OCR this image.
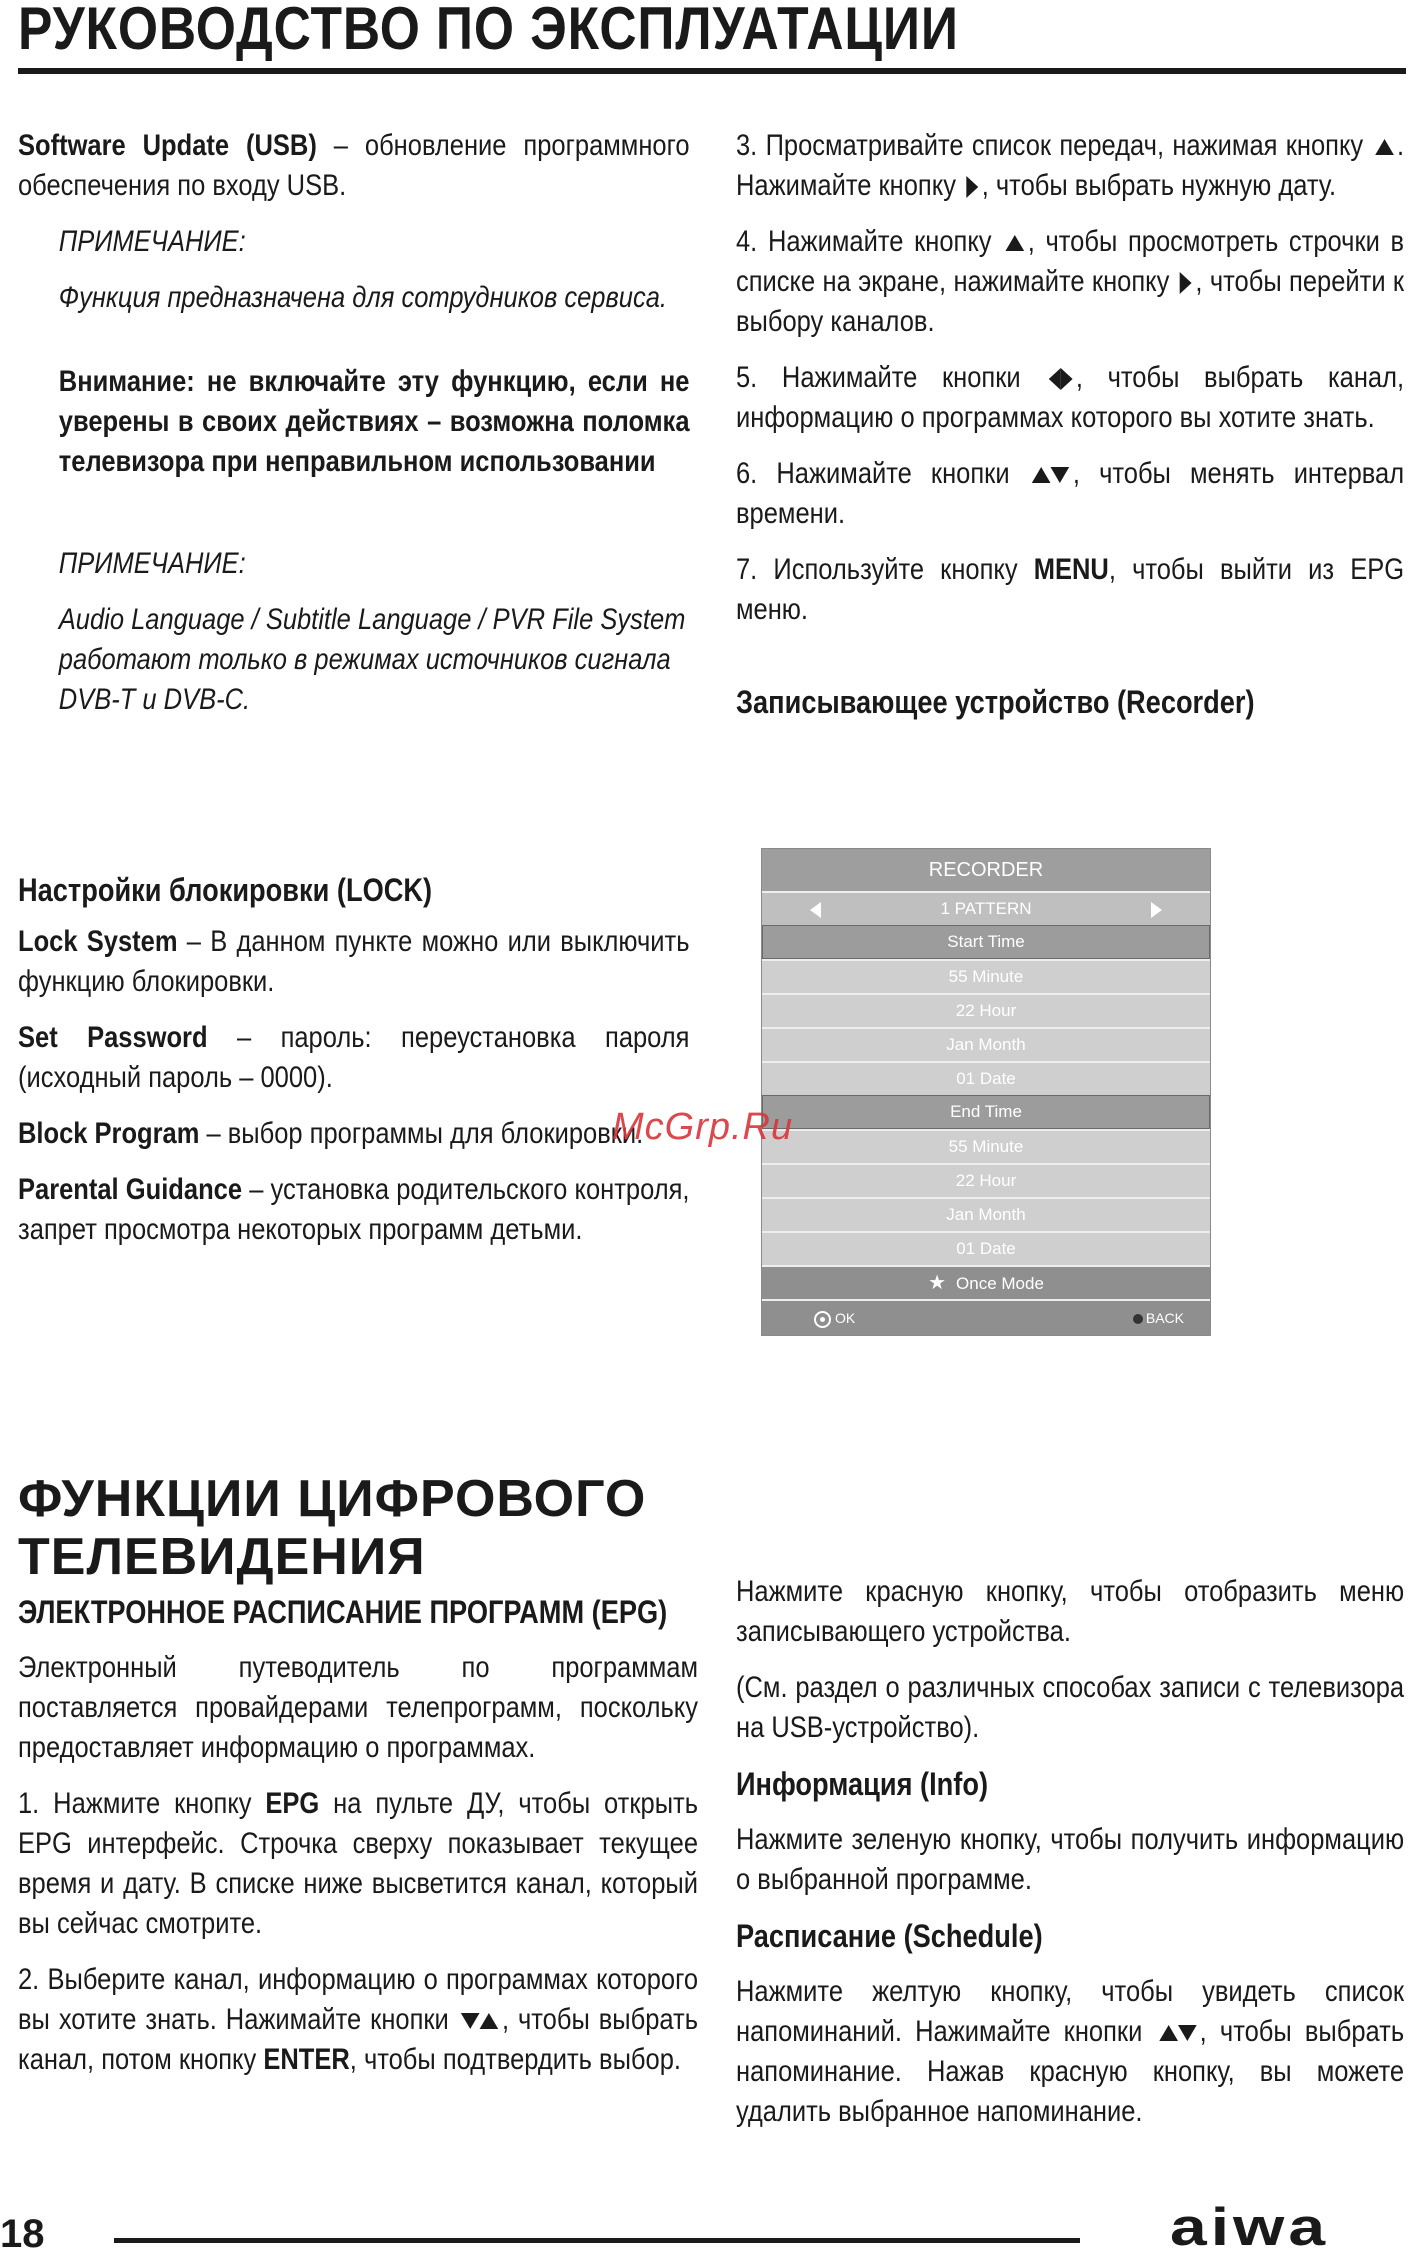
РУКОВОДСТВО ПО ЭКСПЛУАТАЦИИ

Software Update (USB) – обновление программного обеспечения по входу USB.

ПРИМЕЧАНИЕ:
Функция предназначена для сотрудников сервиса.

Внимание: не включайте эту функцию, если не уверены в своих действиях – возможна поломка телевизора при неправильном использовании

ПРИМЕЧАНИЕ:
Audio Language / Subtitle Language / PVR File System работают только в режимах источников сигнала DVB-T и DVB-C.

Настройки блокировки (LOCK)

Lock System – В данном пункте можно или выключить функцию блокировки.

Set Password – пароль: переустановка пароля (исходный пароль – 0000).

Block Program – выбор программы для блокировки.

Parental Guidance – установка родительского контроля, запрет просмотра некоторых программ детьми.

3. Просматривайте список передач, нажимая кнопку . Нажимайте кнопку , чтобы выбрать нужную дату.

4. Нажимайте кнопку , чтобы просмотреть строчки в списке на экране, нажимайте кнопку , чтобы перейти к выбору каналов.

5. Нажимайте кнопки , чтобы выбрать канал, информацию о программах которого вы хотите знать.

6. Нажимайте кнопки , чтобы менять интервал времени.

7. Используйте кнопку MENU, чтобы выйти из EPG меню.

Записывающее устройство (Recorder)

RECORDER
1 PATTERN
Start Time
55 Minute
22 Hour
Jan Month
01 Date
End Time
55 Minute
22 Hour
Jan Month
01 Date
★ Once Mode
OK	BACK
McGrp.Ru
ФУНКЦИИ ЦИФРОВОГО ТЕЛЕВИДЕНИЯ

ЭЛЕКТРОННОЕ РАСПИСАНИЕ ПРОГРАММ (EPG)

Электронный путеводитель по программам поставляется провайдерами телепрограмм, поскольку предоставляет информацию о программах.

1. Нажмите кнопку EPG на пульте ДУ, чтобы открыть EPG интерфейс. Строчка сверху показывает текущее время и дату. В списке ниже высветится канал, который вы сейчас смотрите.

2. Выберите канал, информацию о программах которого вы хотите знать. Нажимайте кнопки , чтобы выбрать канал, потом кнопку ENTER, чтобы подтвердить выбор.

Нажмите красную кнопку, чтобы отобразить меню записывающего устройства.

(См. раздел о различных способах записи с телевизора на USB-устройство).

Информация (Info)

Нажмите зеленую кнопку, чтобы получить информацию о выбранной программе.

Расписание (Schedule)

Нажмите желтую кнопку, чтобы увидеть список напоминаний. Нажимайте кнопки , чтобы выбрать напоминание. Нажав красную кнопку, вы можете удалить выбранное напоминание.

18	aiwa
